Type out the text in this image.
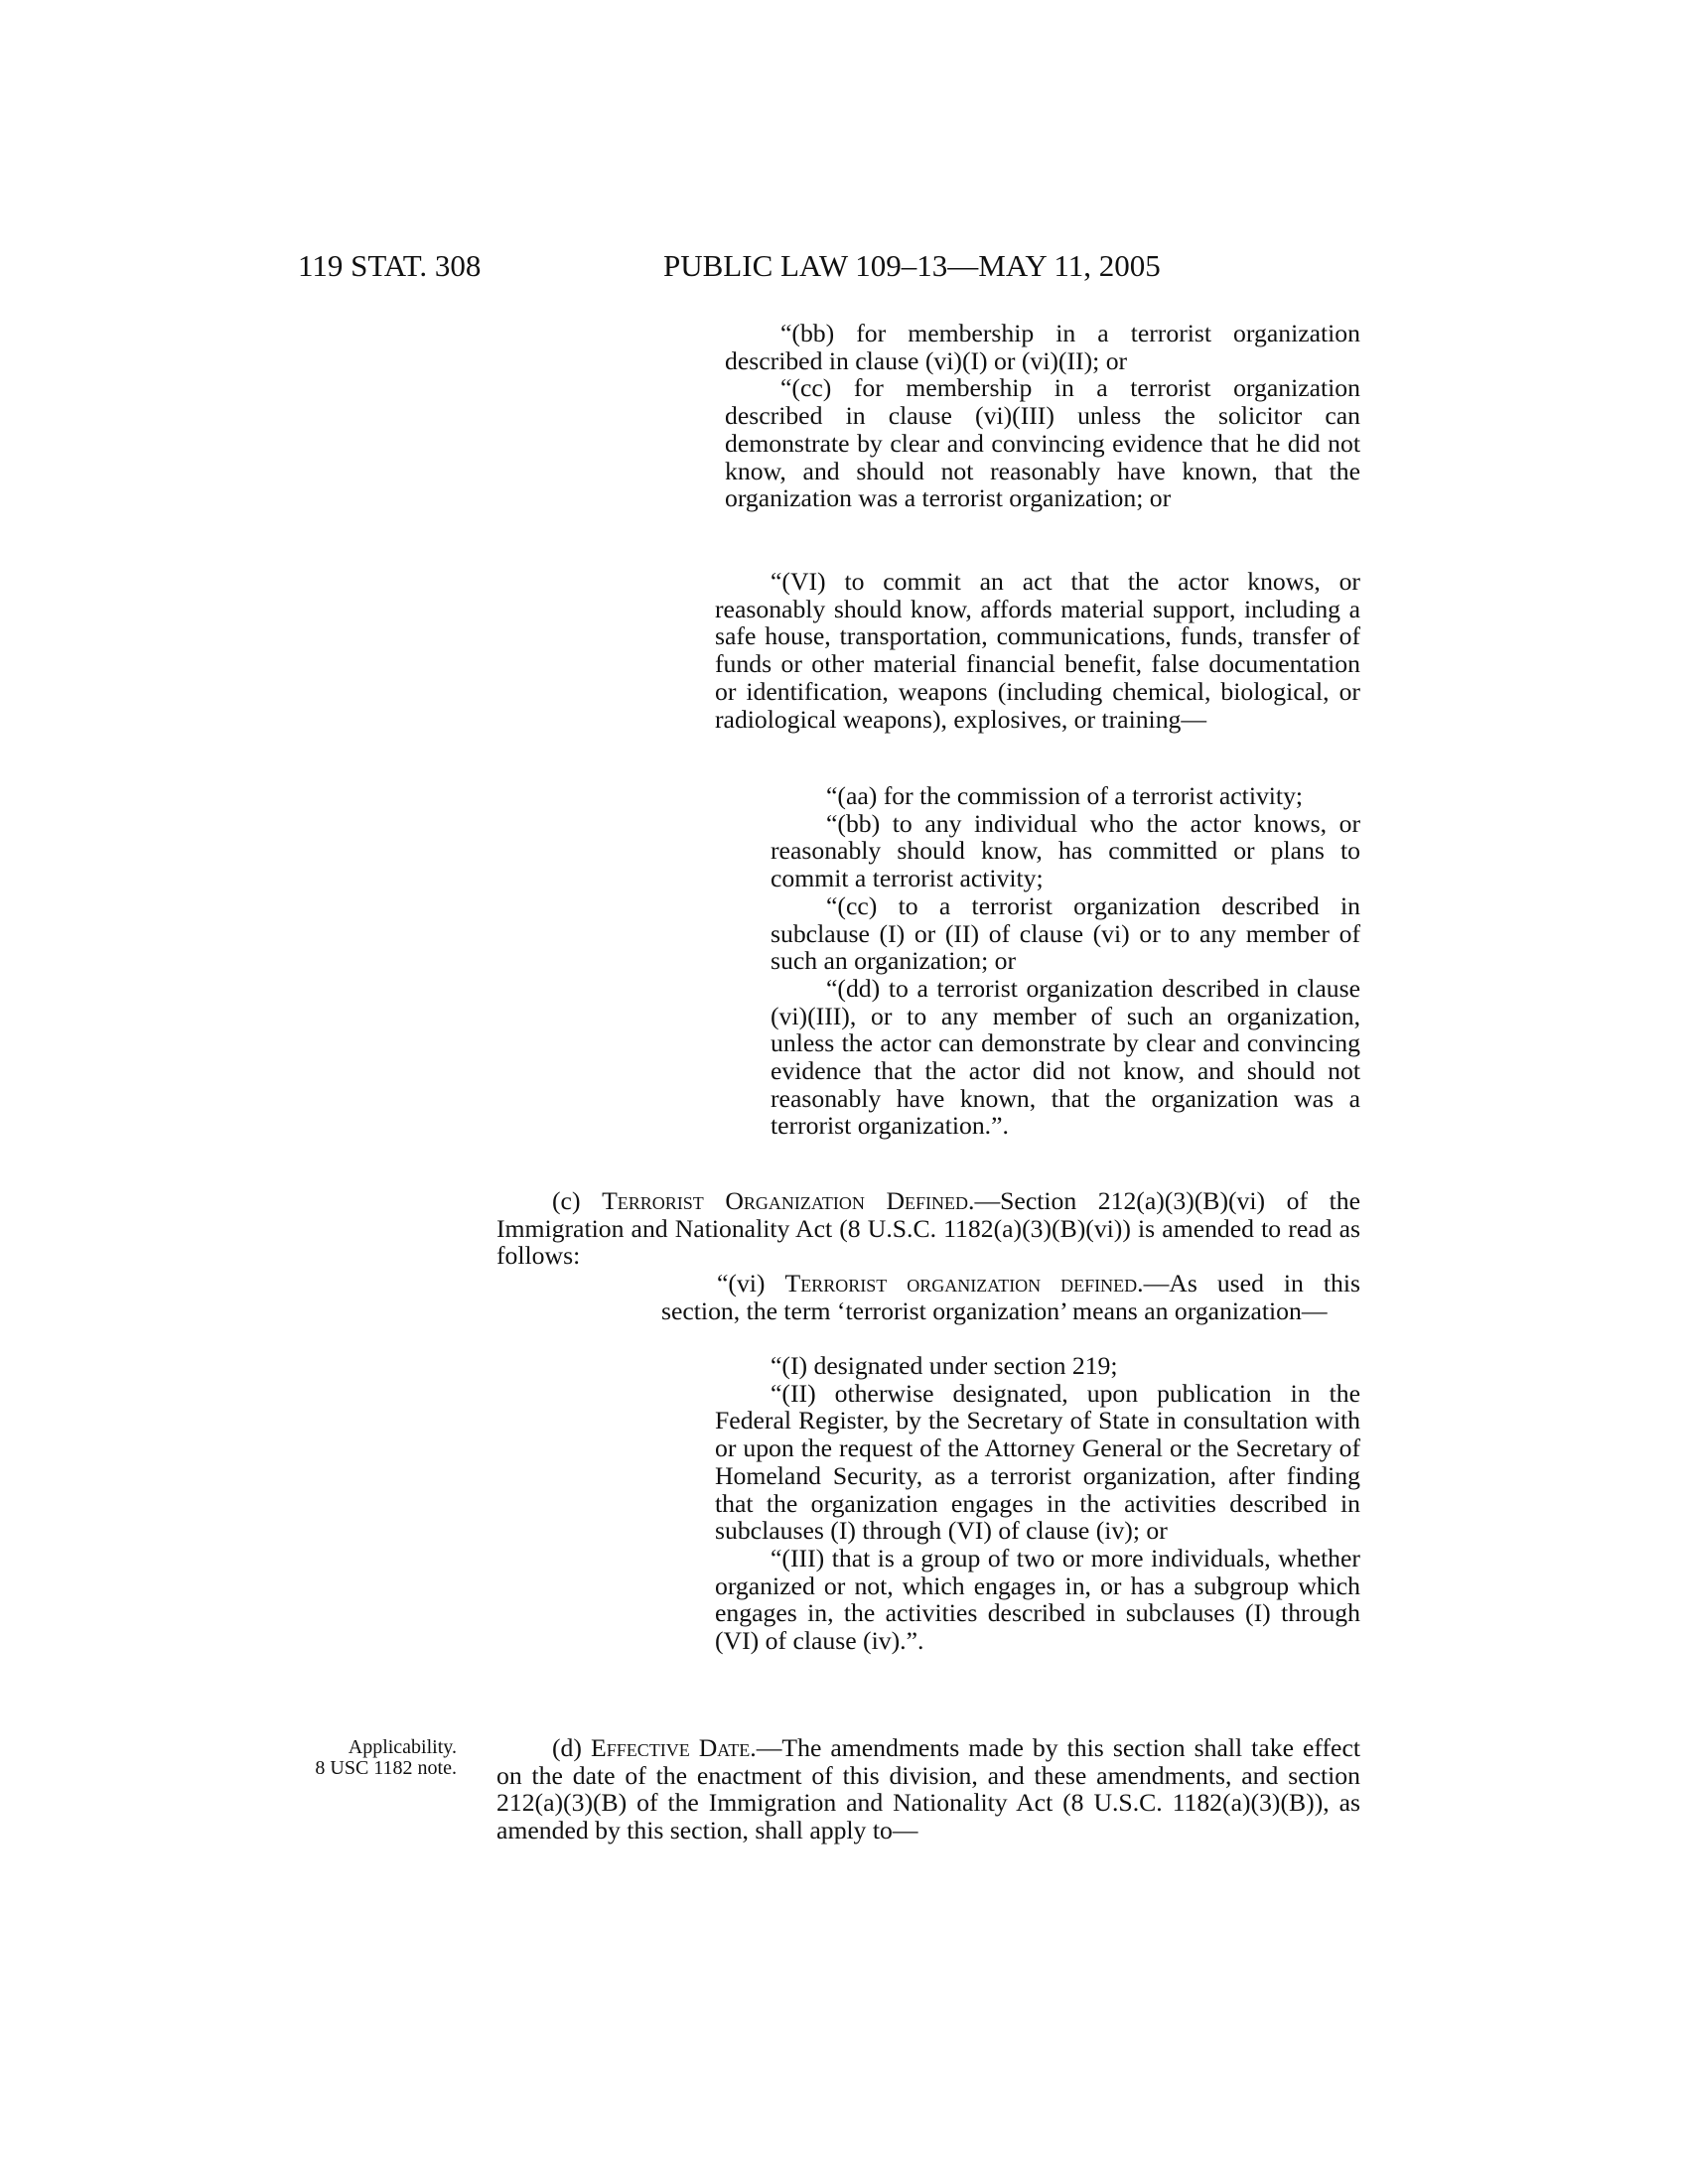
119 STAT. 308	PUBLIC LAW 109–13—MAY 11, 2005

“(bb) for membership in a terrorist organization described in clause (vi)(I) or (vi)(II); or

“(cc) for membership in a terrorist organization described in clause (vi)(III) unless the solicitor can demonstrate by clear and convincing evidence that he did not know, and should not reasonably have known, that the organization was a terrorist organization; or

“(VI) to commit an act that the actor knows, or reasonably should know, affords material support, including a safe house, transportation, communications, funds, transfer of funds or other material financial benefit, false documentation or identification, weapons (including chemical, biological, or radiological weapons), explosives, or training—

“(aa) for the commission of a terrorist activity;

“(bb) to any individual who the actor knows, or reasonably should know, has committed or plans to commit a terrorist activity;

“(cc) to a terrorist organization described in subclause (I) or (II) of clause (vi) or to any member of such an organization; or

“(dd) to a terrorist organization described in clause (vi)(III), or to any member of such an organization, unless the actor can demonstrate by clear and convincing evidence that the actor did not know, and should not reasonably have known, that the organization was a terrorist organization.”.

(c) Terrorist Organization Defined.—Section 212(a)(3)(B)(vi) of the Immigration and Nationality Act (8 U.S.C. 1182(a)(3)(B)(vi)) is amended to read as follows:

“(vi) Terrorist organization defined.—As used in this section, the term ‘terrorist organization’ means an organization—

“(I) designated under section 219;

“(II) otherwise designated, upon publication in the Federal Register, by the Secretary of State in consultation with or upon the request of the Attorney General or the Secretary of Homeland Security, as a terrorist organization, after finding that the organization engages in the activities described in subclauses (I) through (VI) of clause (iv); or

“(III) that is a group of two or more individuals, whether organized or not, which engages in, or has a subgroup which engages in, the activities described in subclauses (I) through (VI) of clause (iv).”.

Applicability.
8 USC 1182 note.

(d) Effective Date.—The amendments made by this section shall take effect on the date of the enactment of this division, and these amendments, and section 212(a)(3)(B) of the Immigration and Nationality Act (8 U.S.C. 1182(a)(3)(B)), as amended by this section, shall apply to—
